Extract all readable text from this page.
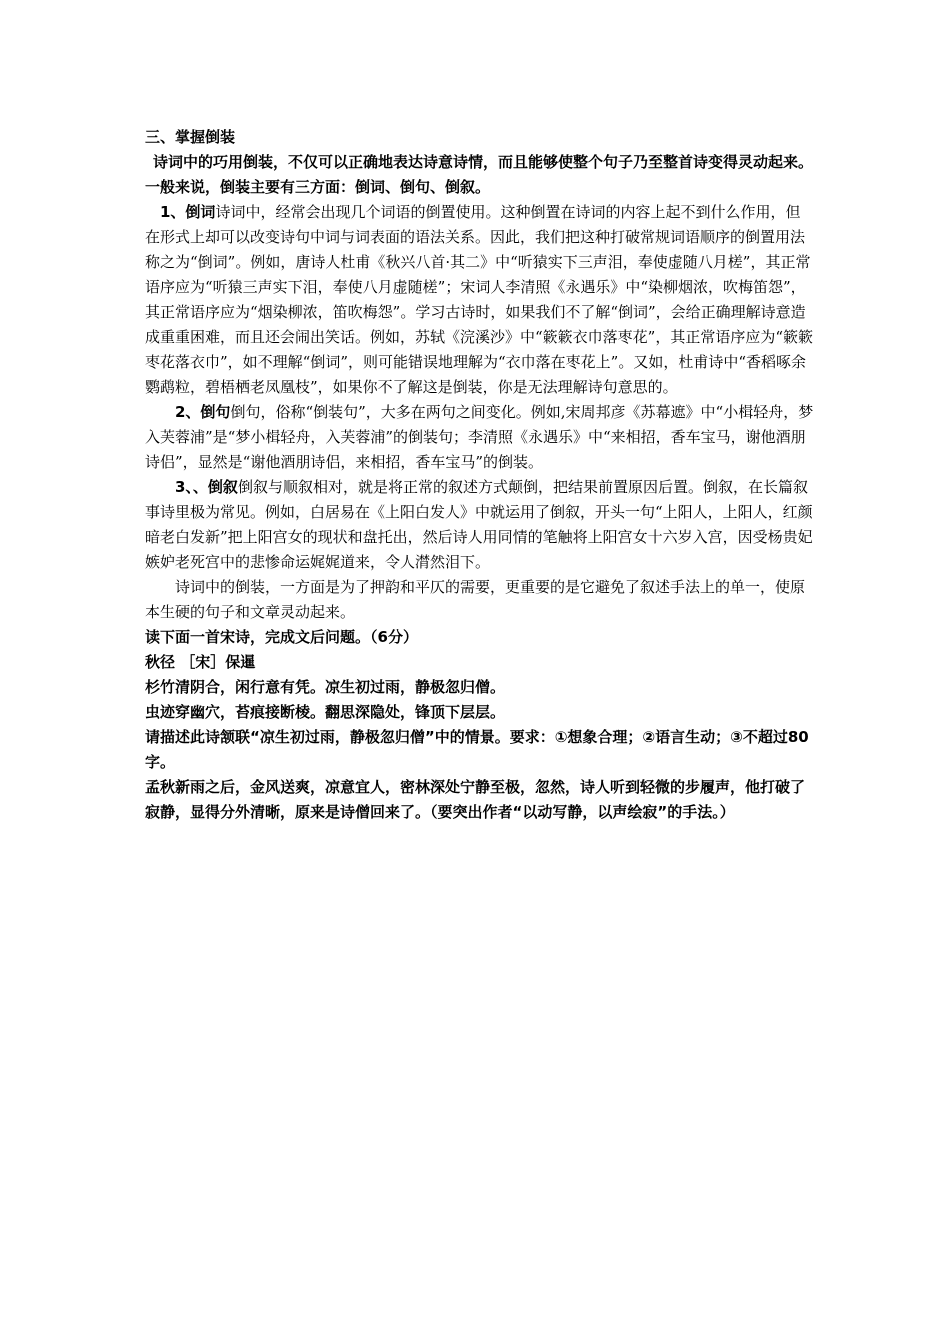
三、掌握倒装

诗词中的巧用倒装，不仅可以正确地表达诗意诗情，而且能够使整个句子乃至整首诗变得灵动起来。一般来说，倒装主要有三方面：倒词、倒句、倒叙。

1、倒词诗词中，经常会出现几个词语的倒置使用。这种倒置在诗词的内容上起不到什么作用，但在形式上却可以改变诗句中词与词表面的语法关系。因此，我们把这种打破常规词语顺序的倒置用法称之为“倒词”。例如，唐诗人杜甫《秋兴八首·其二》中“听猿实下三声泪，奉使虚随八月槎”，其正常语序应为“听猿三声实下泪，奉使八月虚随槎”；宋词人李清照《永遇乐》中“染柳烟浓，吹梅笛怨”，其正常语序应为“烟染柳浓，笛吹梅怨”。学习古诗时，如果我们不了解“倒词”，会给正确理解诗意造成重重困难，而且还会闹出笑话。例如，苏轼《浣溪沙》中“簌簌衣巾落枣花”，其正常语序应为“簌簌枣花落衣巾”，如不理解“倒词”，则可能错误地理解为“衣巾落在枣花上”。又如，杜甫诗中“香稻啄余鹦鹉粒，碧梧栖老凤凰枝”，如果你不了解这是倒装，你是无法理解诗句意思的。

2、倒句倒句，俗称“倒装句”，大多在两句之间变化。例如,宋周邦彦《苏幕遮》中“小楫轻舟，梦入芙蓉浦”是“梦小楫轻舟，入芙蓉浦”的倒装句；李清照《永遇乐》中“来相招，香车宝马，谢他酒朋诗侣”，显然是“谢他酒朋诗侣，来相招，香车宝马”的倒装。

3、、倒叙倒叙与顺叙相对，就是将正常的叙述方式颠倒，把结果前置原因后置。倒叙，在长篇叙事诗里极为常见。例如，白居易在《上阳白发人》中就运用了倒叙，开头一句“上阳人，上阳人，红颜暗老白发新”把上阳宫女的现状和盘托出，然后诗人用同情的笔触将上阳宫女十六岁入宫，因受杨贵妃嫉妒老死宫中的悲惨命运娓娓道来，令人潸然泪下。

诗词中的倒装，一方面是为了押韵和平仄的需要，更重要的是它避免了叙述手法上的单一，使原本生硬的句子和文章灵动起来。

读下面一首宋诗，完成文后问题。（6分）

秋径 ［宋］保暹

杉竹清阴合，闲行意有凭。凉生初过雨，静极忽归僧。

虫迹穿幽穴，苔痕接断棱。翻思深隐处，锋顶下层层。

请描述此诗颔联“凉生初过雨，静极忽归僧”中的情景。要求：①想象合理；②语言生动；③不超过80字。

孟秋新雨之后，金风送爽，凉意宜人，密林深处宁静至极，忽然，诗人听到轻微的步履声，他打破了寂静，显得分外清晰，原来是诗僧回来了。（要突出作者“以动写静，以声绘寂”的手法。）
